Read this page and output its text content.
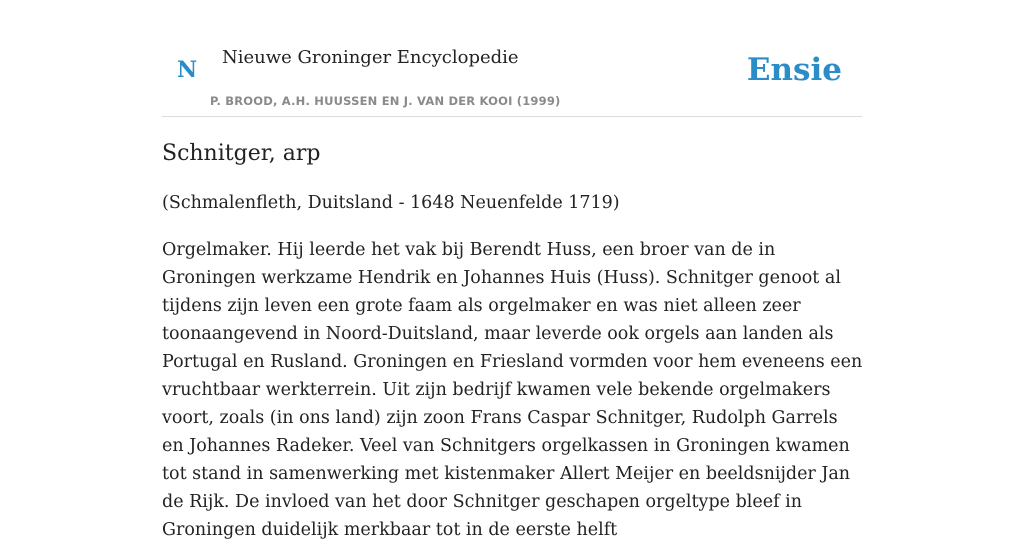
N Nieuwe Groninger Encyclopedie
P. BROOD, A.H. HUUSSEN EN J. VAN DER KOOI (1999)
Ensie
Schnitger, arp

(Schmalenfleth, Duitsland - 1648 Neuenfelde 1719)

Orgelmaker. Hij leerde het vak bij Berendt Huss, een broer van de in Groningen werkzame Hendrik en Johannes Huis (Huss). Schnitger genoot al tijdens zijn leven een grote faam als orgelmaker en was niet alleen zeer toonaangevend in Noord-Duitsland, maar leverde ook orgels aan landen als Portugal en Rusland. Groningen en Friesland vormden voor hem eveneens een vruchtbaar werkterrein. Uit zijn bedrijf kwamen vele bekende orgelmakers voort, zoals (in ons land) zijn zoon Frans Caspar Schnitger, Rudolph Garrels en Johannes Radeker. Veel van Schnitgers orgelkassen in Groningen kwamen tot stand in samenwerking met kistenmaker Allert Meijer en beeldsnijder Jan de Rijk. De invloed van het door Schnitger geschapen orgeltype bleef in Groningen duidelijk merkbaar tot in de eerste helft
